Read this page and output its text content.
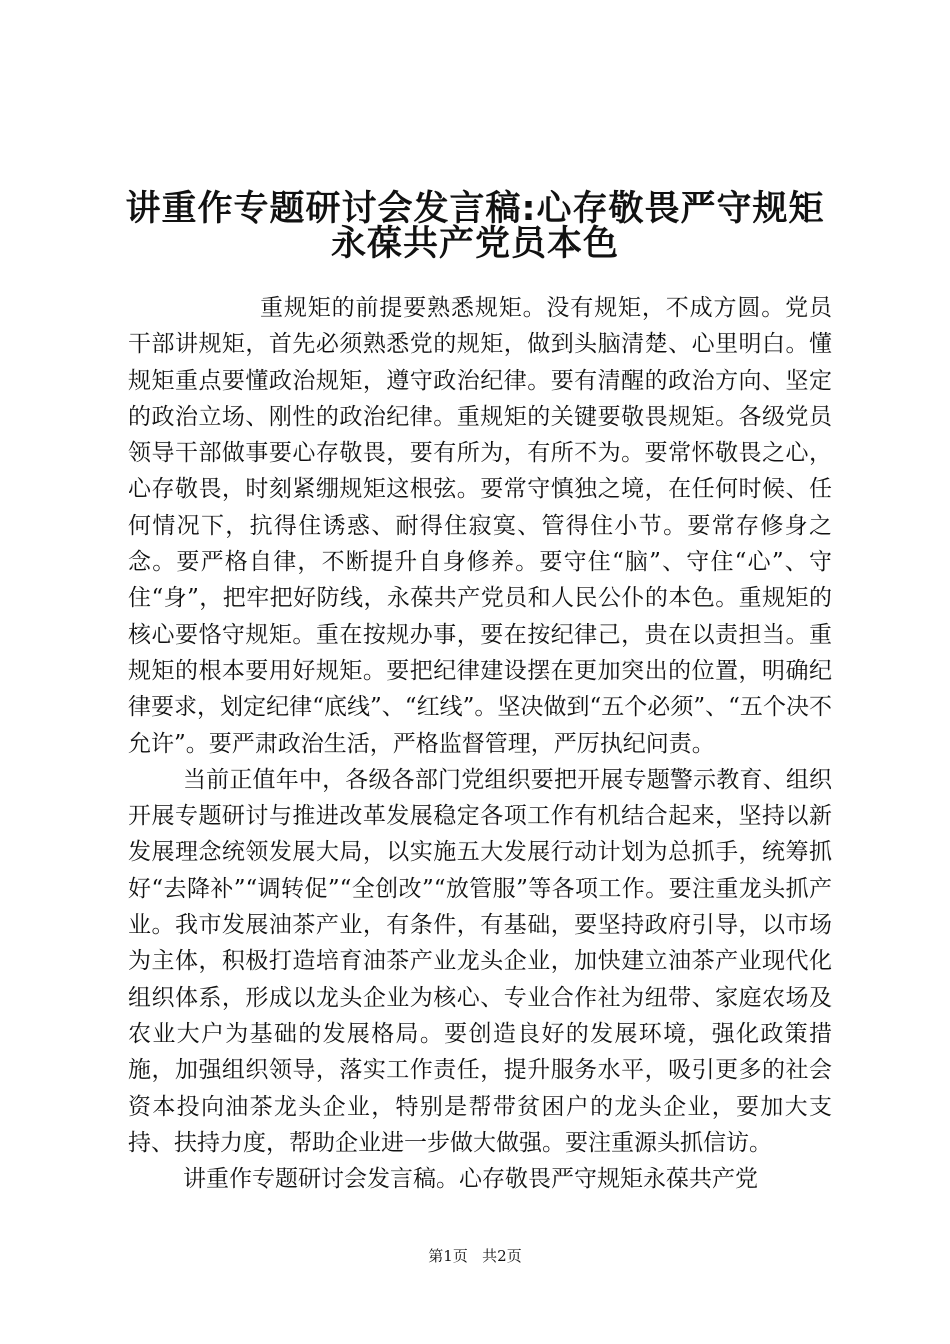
讲重作专题研讨会发言稿:心存敬畏严守规矩
永葆共产党员本色

重规矩的前提要熟悉规矩。没有规矩，不成方圆。党员干部讲规矩，首先必须熟悉党的规矩，做到头脑清楚、心里明白。懂规矩重点要懂政治规矩，遵守政治纪律。要有清醒的政治方向、坚定的政治立场、刚性的政治纪律。重规矩的关键要敬畏规矩。各级党员领导干部做事要心存敬畏，要有所为，有所不为。要常怀敬畏之心，心存敬畏，时刻紧绷规矩这根弦。要常守慎独之境，在任何时候、任何情况下，抗得住诱惑、耐得住寂寞、管得住小节。要常存修身之念。要严格自律，不断提升自身修养。要守住“脑”、守住“心”、守住“身”，把牢把好防线，永葆共产党员和人民公仆的本色。重规矩的核心要恪守规矩。重在按规办事，要在按纪律己，贵在以责担当。重规矩的根本要用好规矩。要把纪律建设摆在更加突出的位置，明确纪律要求，划定纪律“底线”、“红线”。坚决做到“五个必须”、“五个决不允许”。要严肃政治生活，严格监督管理，严厉执纪问责。

当前正值年中，各级各部门党组织要把开展专题警示教育、组织开展专题研讨与推进改革发展稳定各项工作有机结合起来，坚持以新发展理念统领发展大局，以实施五大发展行动计划为总抓手，统筹抓好“去降补”“调转促”“全创改”“放管服”等各项工作。要注重龙头抓产业。我市发展油茶产业，有条件，有基础，要坚持政府引导，以市场为主体，积极打造培育油茶产业龙头企业，加快建立油茶产业现代化组织体系，形成以龙头企业为核心、专业合作社为纽带、家庭农场及农业大户为基础的发展格局。要创造良好的发展环境，强化政策措施，加强组织领导，落实工作责任，提升服务水平，吸引更多的社会资本投向油茶龙头企业，特别是帮带贫困户的龙头企业，要加大支持、扶持力度，帮助企业进一步做大做强。要注重源头抓信访。

讲重作专题研讨会发言稿。心存敬畏严守规矩永葆共产党

第1页 共2页
